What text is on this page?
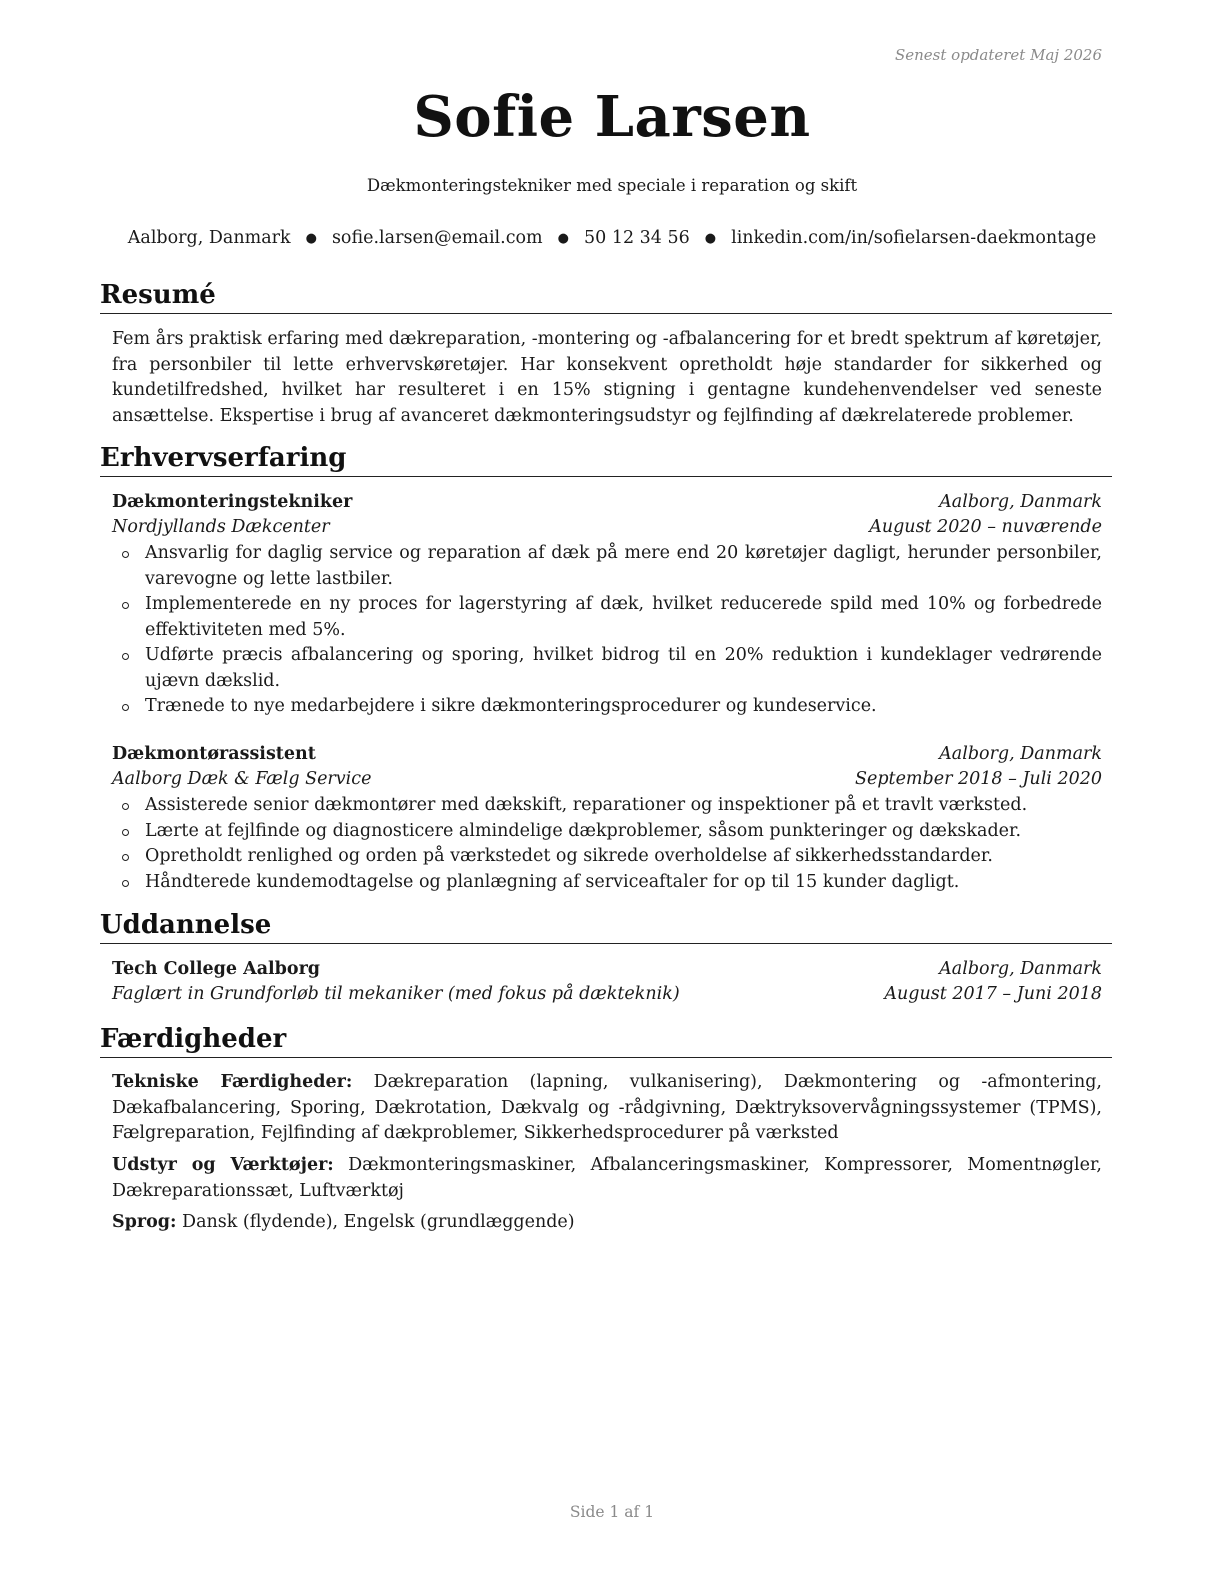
Senest opdateret Maj 2026
Sofie Larsen
Dækmonteringstekniker med speciale i reparation og skift
Aalborg, Danmark ● sofie.larsen@email.com ● 50 12 34 56 ● linkedin.com/in/sofielarsen-daekmontage
Resumé
Fem års praktisk erfaring med dækreparation, -montering og -afbalancering for et bredt spektrum af køretøjer, fra personbiler til lette erhvervskøretøjer. Har konsekvent opretholdt høje standarder for sikkerhed og kundetilfredshed, hvilket har resulteret i en 15% stigning i gentagne kundehenvendelser ved seneste ansættelse. Ekspertise i brug af avanceret dækmonteringsudstyr og fejlfinding af dækrelaterede problemer.
Erhvervserfaring
Dækmonteringstekniker	Aalborg, Danmark
Nordjyllands Dækcenter	August 2020 – nuværende
Ansvarlig for daglig service og reparation af dæk på mere end 20 køretøjer dagligt, herunder personbiler, varevogne og lette lastbiler.
Implementerede en ny proces for lagerstyring af dæk, hvilket reducerede spild med 10% og forbedrede effektiviteten med 5%.
Udførte præcis afbalancering og sporing, hvilket bidrog til en 20% reduktion i kundeklager vedrørende ujævn dækslid.
Trænede to nye medarbejdere i sikre dækmonteringsprocedurer og kundeservice.
Dækmontørassistent	Aalborg, Danmark
Aalborg Dæk & Fælg Service	September 2018 – Juli 2020
Assisterede senior dækmontører med dækskift, reparationer og inspektioner på et travlt værksted.
Lærte at fejlfinde og diagnosticere almindelige dækproblemer, såsom punkteringer og dækskader.
Opretholdt renlighed og orden på værkstedet og sikrede overholdelse af sikkerhedsstandarder.
Håndterede kundemodtagelse og planlægning af serviceaftaler for op til 15 kunder dagligt.
Uddannelse
Tech College Aalborg	Aalborg, Danmark
Faglært in Grundforløb til mekaniker (med fokus på dækteknik)	August 2017 – Juni 2018
Færdigheder
Tekniske Færdigheder: Dækreparation (lapning, vulkanisering), Dækmontering og -afmontering, Dækafbalancering, Sporing, Dækrotation, Dækvalg og -rådgivning, Dæktryksovervågningssystemer (TPMS), Fælgreparation, Fejlfinding af dækproblemer, Sikkerhedsprocedurer på værksted
Udstyr og Værktøjer: Dækmonteringsmaskiner, Afbalanceringsmaskiner, Kompressorer, Momentnøgler, Dækreparationssæt, Luftværktøj
Sprog: Dansk (flydende), Engelsk (grundlæggende)
Side 1 af 1
